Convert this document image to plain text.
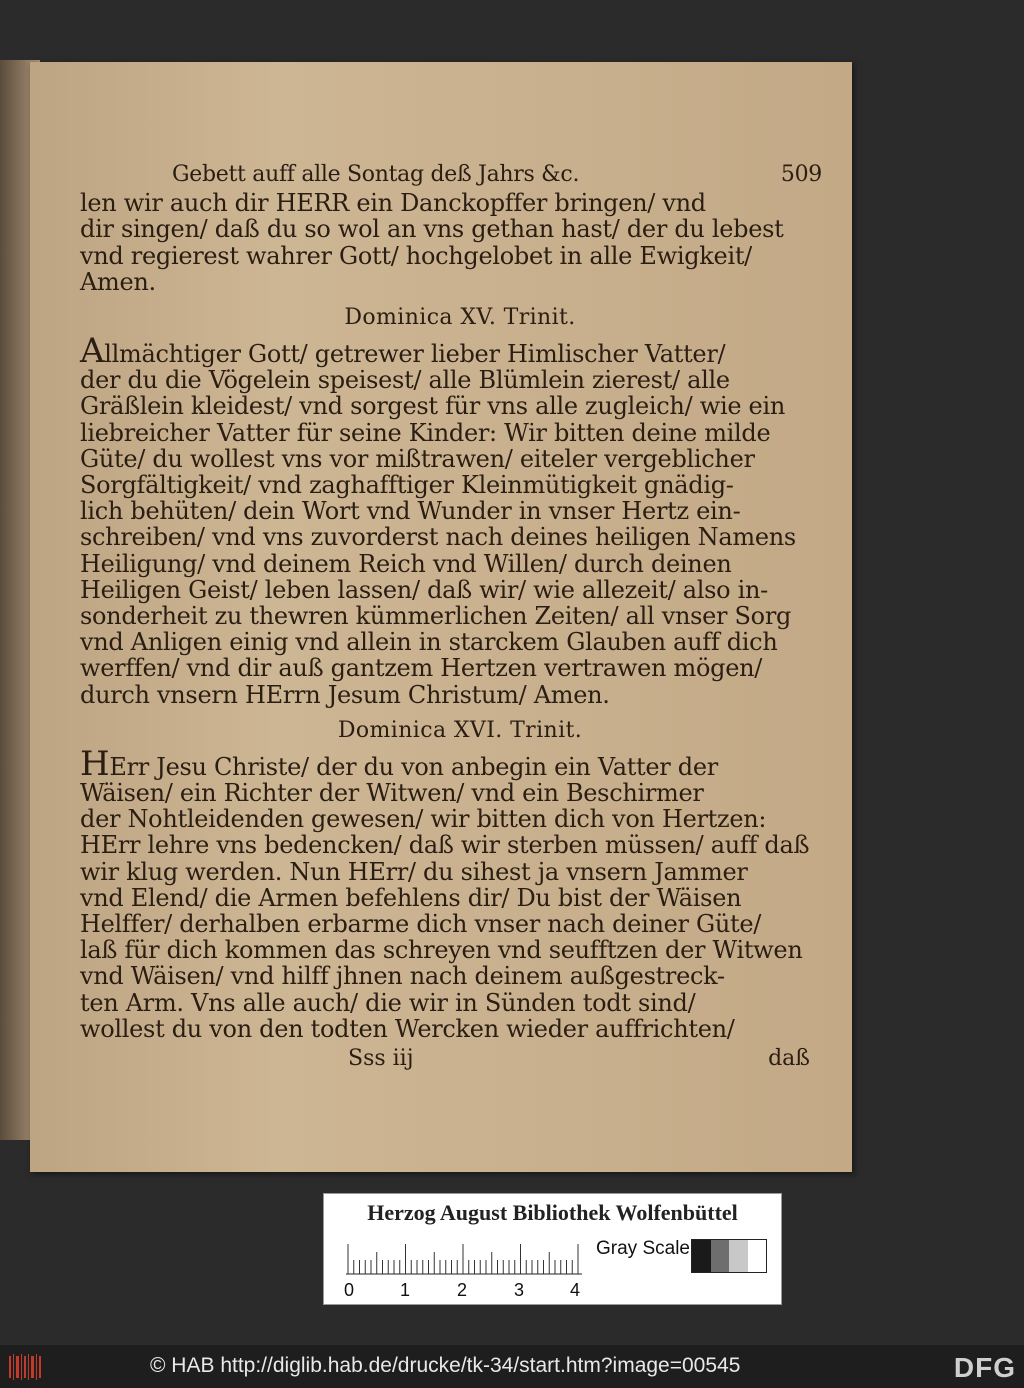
Gebett auff alle Sontag deß Jahrs &c.	509
len wir auch dir HERR ein Danckopffer bringen/ vnd
dir singen/ daß du so wol an vns gethan hast/ der du lebest
vnd regierest wahrer Gott/ hochgelobet in alle Ewigkeit/
Amen.
Dominica XV. Trinit.
Allmächtiger Gott/ getrewer lieber Himlischer Vatter/
der du die Vögelein speisest/ alle Blümlein zierest/ alle
Gräßlein kleidest/ vnd sorgest für vns alle zugleich/ wie ein
liebreicher Vatter für seine Kinder: Wir bitten deine milde
Güte/ du wollest vns vor mißtrawen/ eiteler vergeblicher
Sorgfältigkeit/ vnd zaghafftiger Kleinmütigkeit gnädig-
lich behüten/ dein Wort vnd Wunder in vnser Hertz ein-
schreiben/ vnd vns zuvorderst nach deines heiligen Namens
Heiligung/ vnd deinem Reich vnd Willen/ durch deinen
Heiligen Geist/ leben lassen/ daß wir/ wie allezeit/ also in-
sonderheit zu thewren kümmerlichen Zeiten/ all vnser Sorg
vnd Anligen einig vnd allein in starckem Glauben auff dich
werffen/ vnd dir auß gantzem Hertzen vertrawen mögen/
durch vnsern HErrn Jesum Christum/ Amen.
Dominica XVI. Trinit.
HErr Jesu Christe/ der du von anbegin ein Vatter der
Wäisen/ ein Richter der Witwen/ vnd ein Beschirmer
der Nohtleidenden gewesen/ wir bitten dich von Hertzen:
HErr lehre vns bedencken/ daß wir sterben müssen/ auff daß
wir klug werden. Nun HErr/ du sihest ja vnsern Jammer
vnd Elend/ die Armen befehlens dir/ Du bist der Wäisen
Helffer/ derhalben erbarme dich vnser nach deiner Güte/
laß für dich kommen das schreyen vnd seufftzen der Witwen
vnd Wäisen/ vnd hilff jhnen nach deinem außgestreck-
ten Arm. Vns alle auch/ die wir in Sünden todt sind/
wollest du von den todten Wercken wieder auffrichten/
Sss iij	daß
Herzog August Bibliothek Wolfenbüttel
0	1	2	3	4
Gray Scale
© HAB http://diglib.hab.de/drucke/tk-34/start.htm?image=00545	DFG
